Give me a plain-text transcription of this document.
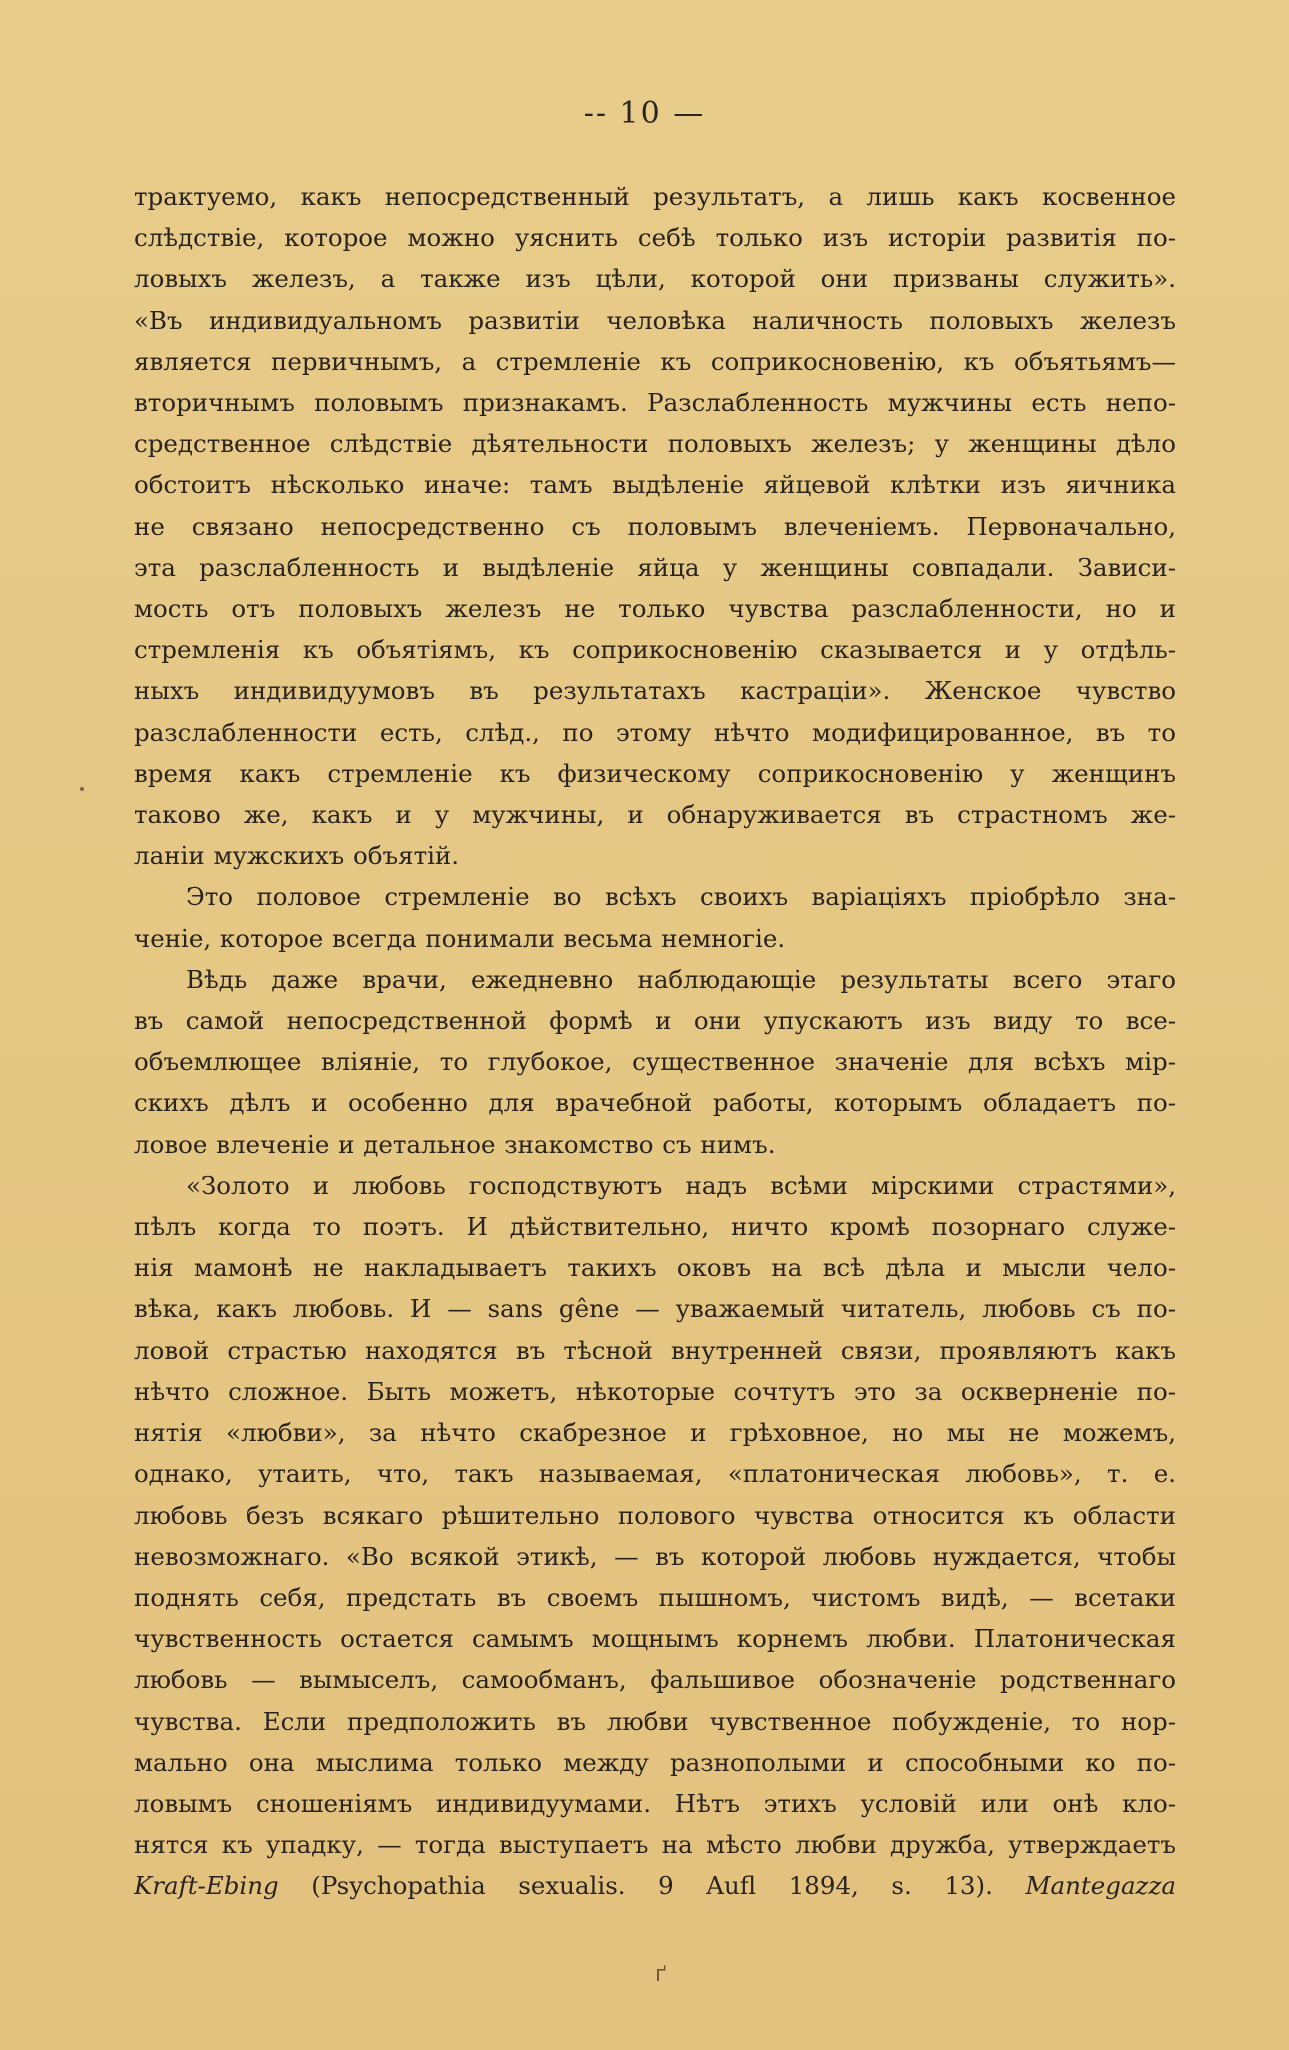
-- 10 —

трактуемо, какъ непосредственный результатъ, а лишь какъ косвенное
слѣдствіе, котороe можно уяснить себѣ только изъ исторіи развитія по-
ловыхъ железъ, а также изъ цѣли, которой они призваны служить».
«Въ индивидуальномъ развитіи человѣка наличность половыхъ железъ
является первичнымъ, а стремленіе къ соприкосновенію, къ объятьямъ—
вторичнымъ половымъ признакамъ. Разслабленность мужчины есть непо-
средственное слѣдствіе дѣятельности половыхъ железъ; у женщины дѣло
обстоитъ нѣсколько иначе: тамъ выдѣленіе яйцевой клѣтки изъ яичника
не связано непосредственно съ половымъ влеченіемъ. Первоначально,
эта разслабленность и выдѣленіе яйца у женщины совпадали. Зависи-
мость отъ половыхъ железъ не только чувства разслабленности, но и
стремленія къ объятіямъ, къ соприкосновенію сказывается и у отдѣль-
ныхъ индивидуумовъ въ результатахъ кастраціи». Женское чувство
разслабленности есть, слѣд., по этому нѣчто модифицированное, въ то
время какъ стремленіе къ физическому соприкосновенію у женщинъ
таково же, какъ и у мужчины, и обнаруживается въ страстномъ же-
ланіи мужскихъ объятій.

Это половое стремленіе во всѣхъ своихъ варіаціяхъ пріобрѣло зна-
ченіе, которое всегда понимали весьма немногіе.

Вѣдь даже врачи, ежедневно наблюдающіе результаты всего этаго
въ самой непосредственной формѣ и они упускаютъ изъ виду то все-
объемлющее вліяніе, то глубокое, существенное значеніе для всѣхъ мір-
скихъ дѣлъ и особенно для врачебной работы, которымъ обладаетъ по-
ловое влеченіе и детальное знакомство съ нимъ.

«Золото и любовь господствуютъ надъ всѣми мірскими страстями»,
пѣлъ когда то поэтъ. И дѣйствительно, ничто кромѣ позорнаго служе-
нія мамонѣ не накладываетъ такихъ оковъ на всѣ дѣла и мысли чело-
вѣка, какъ любовь. И — sans gêne — уважаемый читатель, любовь съ по-
ловой страстью находятся въ тѣсной внутренней связи, проявляютъ какъ
нѣчто сложное. Быть можетъ, нѣкоторые сочтутъ это за оскверненіе по-
нятія «любви», за нѣчто скабрезное и грѣховное, но мы не можемъ,
однако, утаить, что, такъ называемая, «платоническая любовь», т. е.
любовь безъ всякаго рѣшительно полового чувства относится къ области
невозможнаго. «Во всякой этикѣ, — въ которой любовь нуждается, чтобы
поднять себя, предстать въ своемъ пышномъ, чистомъ видѣ, — всетаки
чувственность остается самымъ мощнымъ корнемъ любви. Платоническая
любовь — вымыселъ, самообманъ, фальшивое обозначеніе родственнаго
чувства. Если предположить въ любви чувственное побужденіе, то нор-
мально она мыслима только между разнополыми и способными ко по-
ловымъ сношеніямъ индивидуумами. Нѣтъ этихъ условій или онѣ кло-
нятся къ упадку, — тогда выступаетъ на мѣсто любви дружба, утверждаетъ
Kraft-Ebing (Psychopathia sexualis. 9 Aufl 1894, s. 13). Mantegazza

ґ
